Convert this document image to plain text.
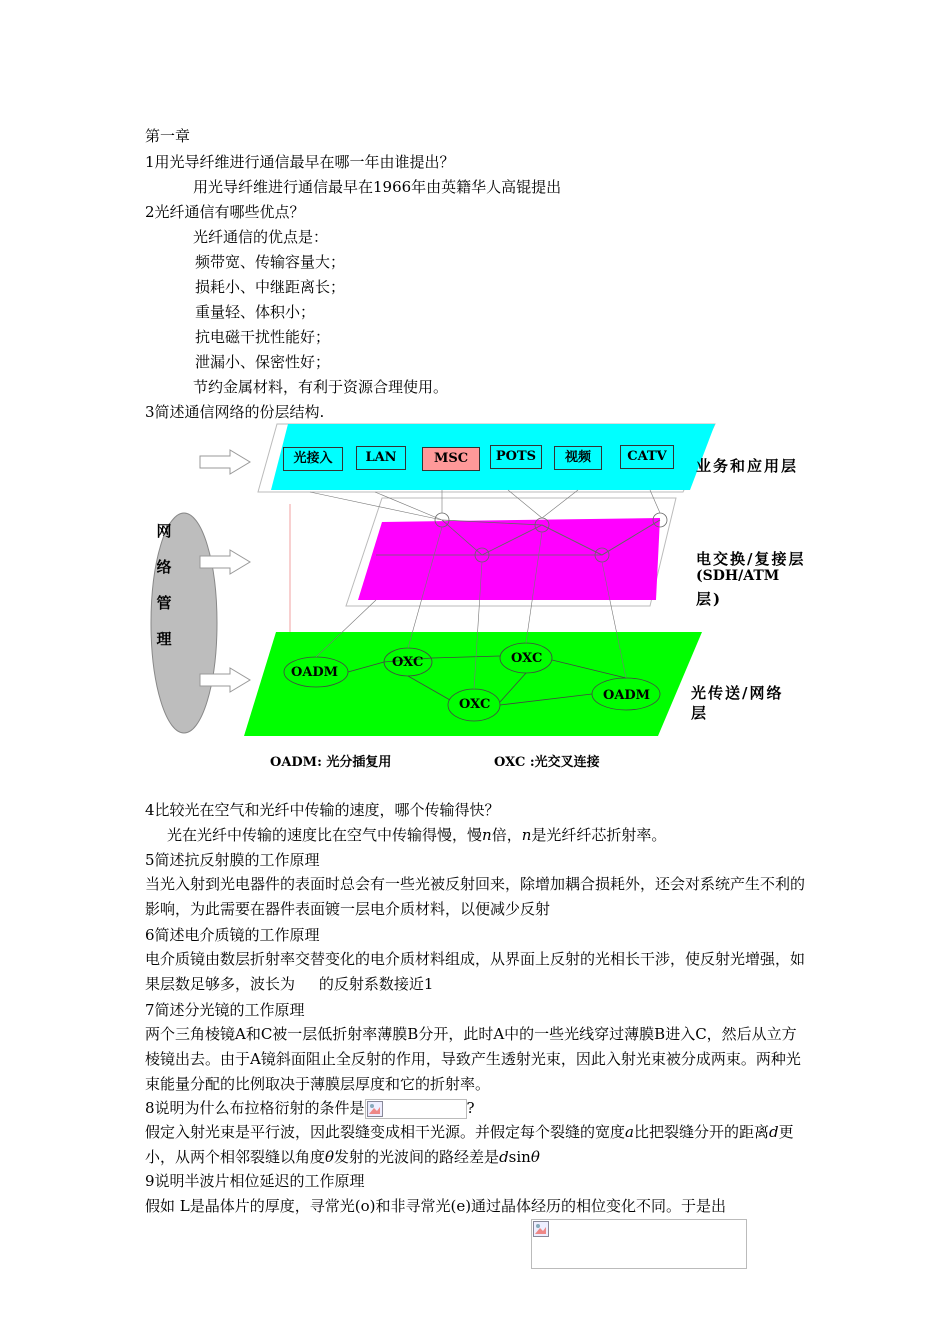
第一章
1用光导纤维进行通信最早在哪一年由谁提出？
用光导纤维进行通信最早在1966年由英籍华人高锟提出
2光纤通信有哪些优点？
光纤通信的优点是：
频带宽、传输容量大；
损耗小、中继距离长；
重量轻、体积小；
抗电磁干扰性能好；
泄漏小、保密性好；
节约金属材料，有利于资源合理使用。
3简述通信网络的份层结构.
网
络
管
理
光接入	LAN	MSC	POTS	视频	CATV
业务和应用层
电交换/复接层
(SDH/ATM
层)
光传送/网络
层
OADM
OXC	OXC
OXC
OADM
OADM: 光分插复用	OXC :光交叉连接
4比较光在空气和光纤中传输的速度，哪个传输得快？
光在光纤中传输的速度比在空气中传输得慢，慢n倍，n是光纤纤芯折射率。
5简述抗反射膜的工作原理
当光入射到光电器件的表面时总会有一些光被反射回来，除增加耦合损耗外，还会对系统产生不利的影响，为此需要在器件表面镀一层电介质材料，以便减少反射
6简述电介质镜的工作原理
电介质镜由数层折射率交替变化的电介质材料组成，从界面上反射的光相长干涉，使反射光增强，如果层数足够多，波长为     的反射系数接近1
7简述分光镜的工作原理
两个三角棱镜A和C被一层低折射率薄膜B分开，此时A中的一些光线穿过薄膜B进入C，然后从立方棱镜出去。由于A镜斜面阻止全反射的作用，导致产生透射光束，因此入射光束被分成两束。两种光束能量分配的比例取决于薄膜层厚度和它的折射率。
8说明为什么布拉格衍射的条件是	?
假定入射光束是平行波，因此裂缝变成相干光源。并假定每个裂缝的宽度a比把裂缝分开的距离d更小，从两个相邻裂缝以角度θ发射的光波间的路经差是dsinθ
9说明半波片相位延迟的工作原理
假如 L是晶体片的厚度，寻常光(o)和非寻常光(e)通过晶体经历的相位变化不同。于是出
